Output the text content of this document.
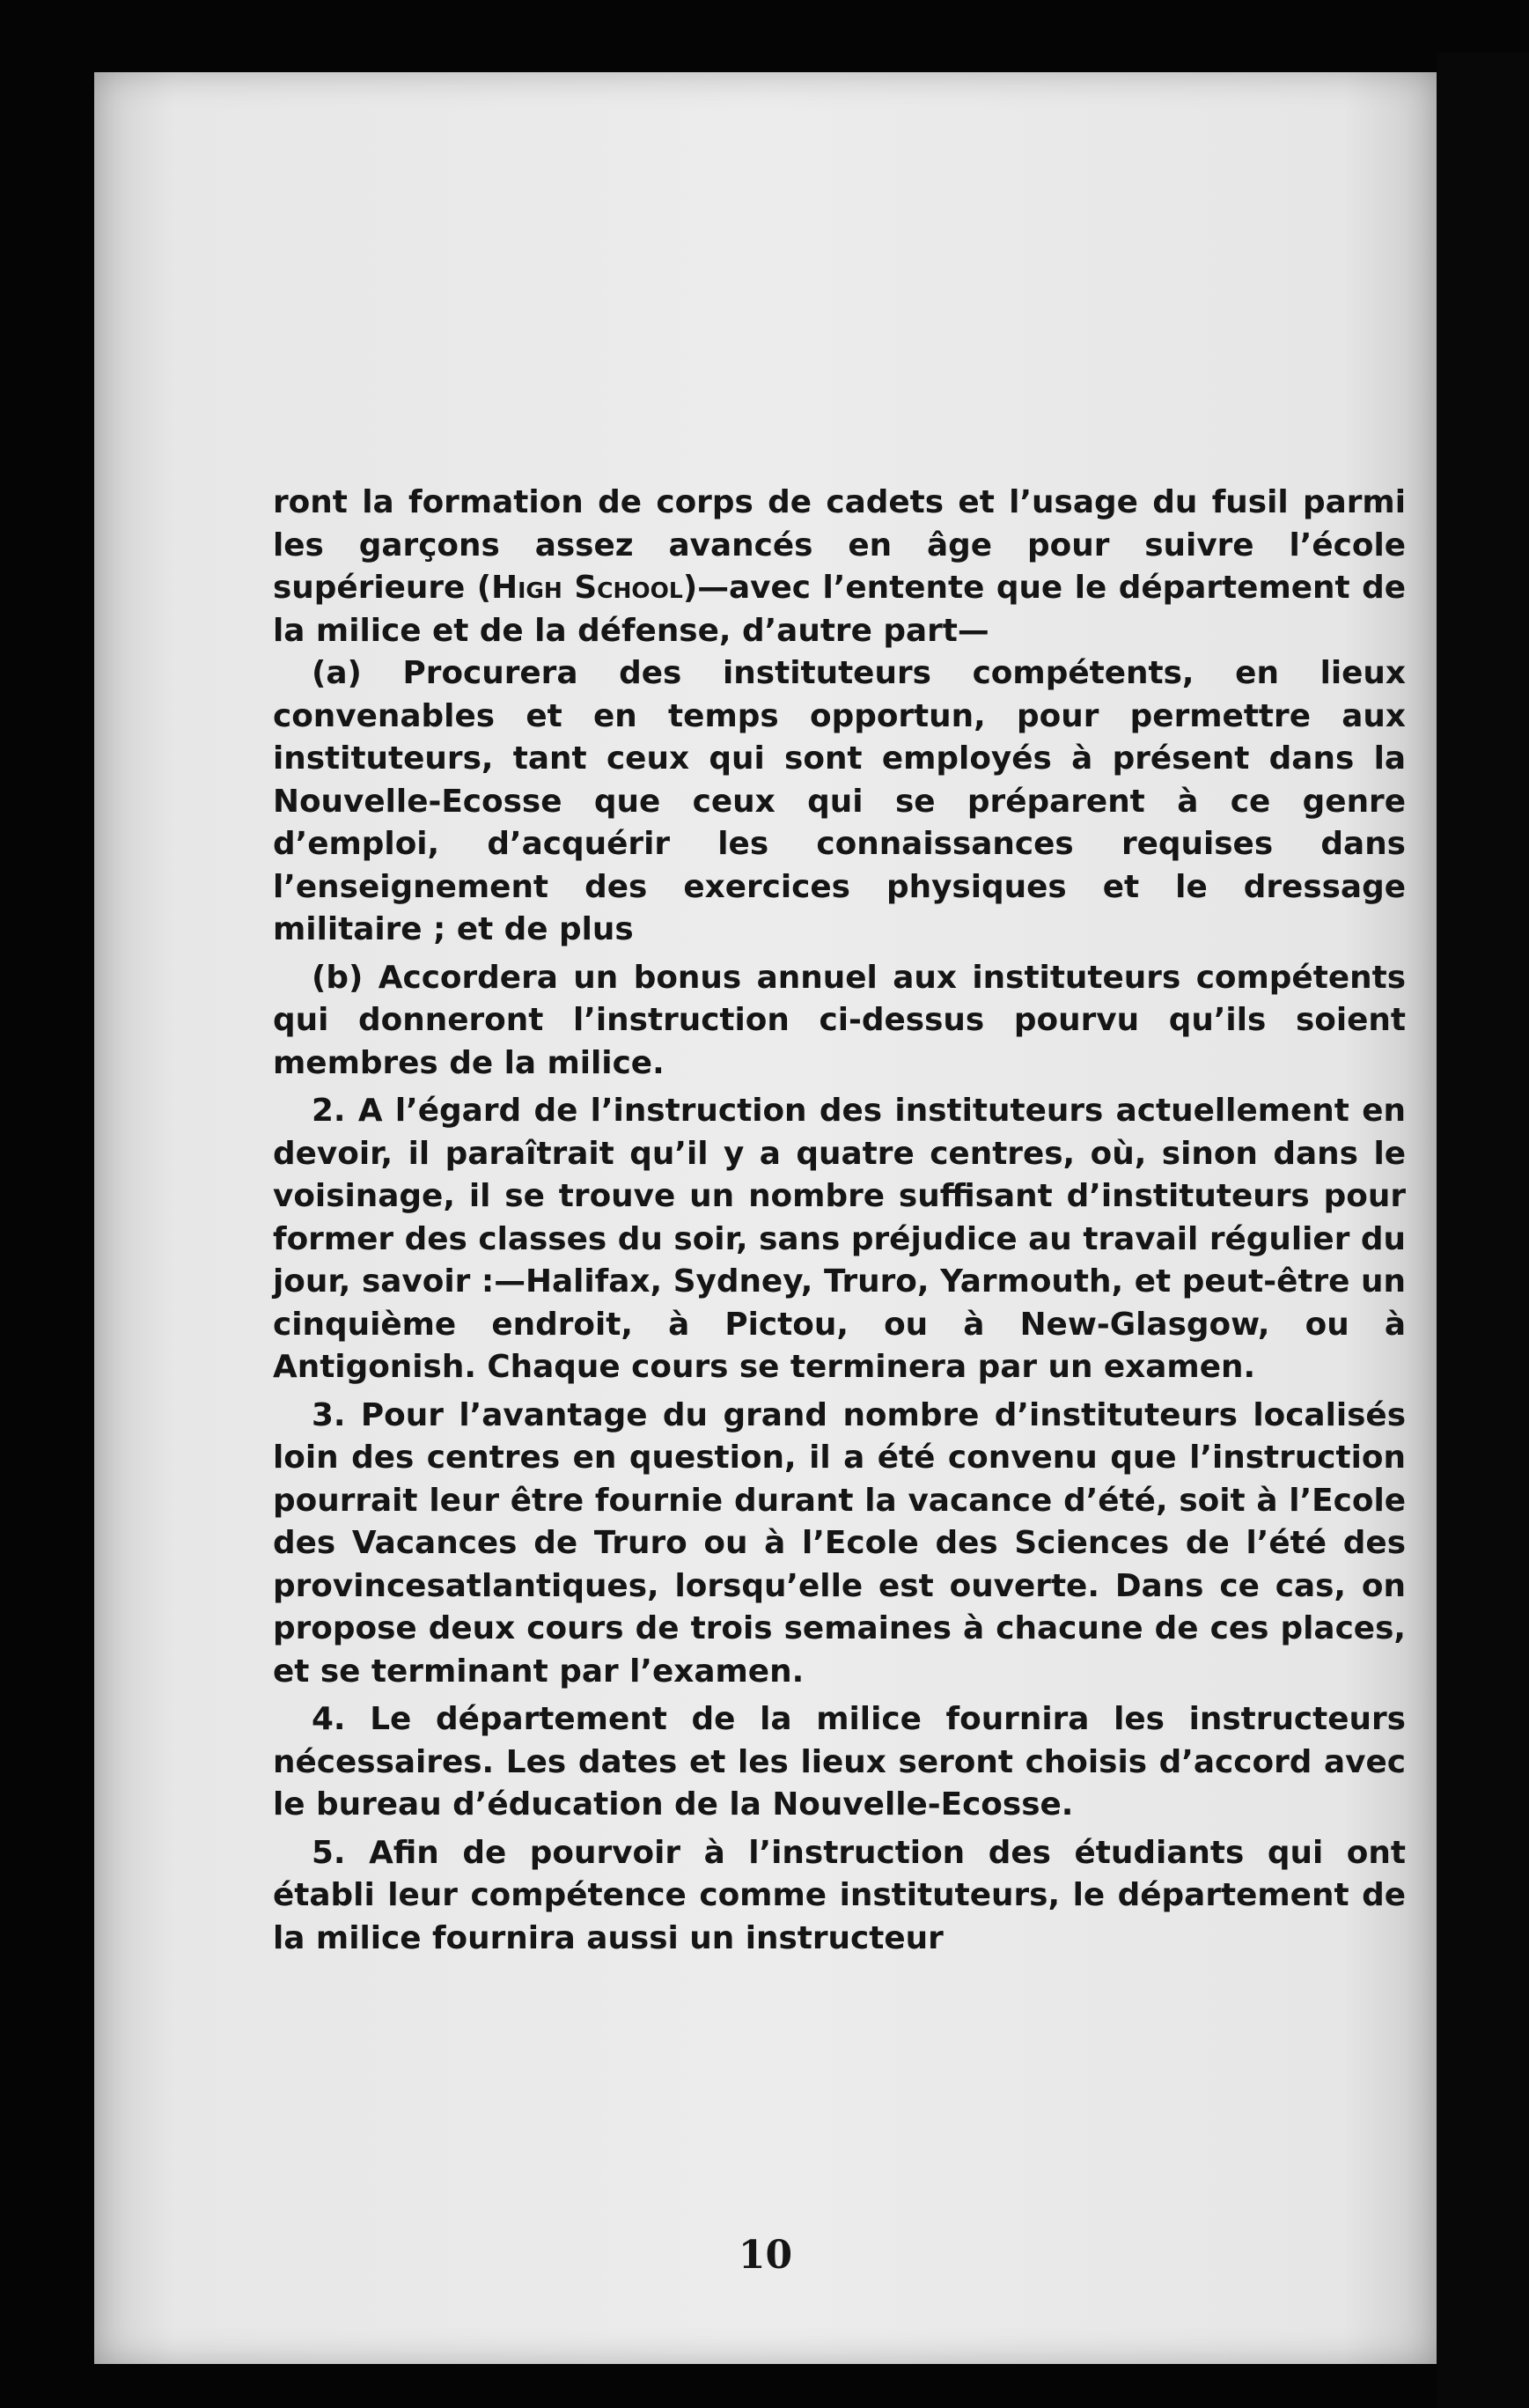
ront la formation de corps de cadets et l’usage du fusil parmi les garçons assez avancés en âge pour suivre l’école supérieure (High School)—avec l’entente que le département de la milice et de la défense, d’autre part—

(a) Procurera des instituteurs compétents, en lieux convenables et en temps opportun, pour permettre aux instituteurs, tant ceux qui sont employés à présent dans la Nouvelle-Ecosse que ceux qui se préparent à ce genre d’emploi, d’acquérir les connaissances requises dans l’enseignement des exercices physiques et le dressage militaire ; et de plus

(b) Accordera un bonus annuel aux instituteurs compétents qui donneront l’instruction ci-dessus pourvu qu’ils soient membres de la milice.

2. A l’égard de l’instruction des instituteurs actuellement en devoir, il paraîtrait qu’il y a quatre centres, où, sinon dans le voisinage, il se trouve un nombre suffisant d’instituteurs pour former des classes du soir, sans préjudice au travail régulier du jour, savoir :—Halifax, Sydney, Truro, Yarmouth, et peut-être un cinquième endroit, à Pictou, ou à New-Glasgow, ou à Antigonish. Chaque cours se terminera par un examen.

3. Pour l’avantage du grand nombre d’instituteurs localisés loin des centres en question, il a été convenu que l’instruction pourrait leur être fournie durant la vacance d’été, soit à l’Ecole des Vacances de Truro ou à l’Ecole des Sciences de l’été des provincesatlantiques, lorsqu’elle est ouverte. Dans ce cas, on propose deux cours de trois semaines à chacune de ces places, et se terminant par l’examen.

4. Le département de la milice fournira les instructeurs nécessaires. Les dates et les lieux seront choisis d’accord avec le bureau d’éducation de la Nouvelle-Ecosse.

5. Afin de pourvoir à l’instruction des étudiants qui ont établi leur compétence comme instituteurs, le département de la milice fournira aussi un instructeur

10
